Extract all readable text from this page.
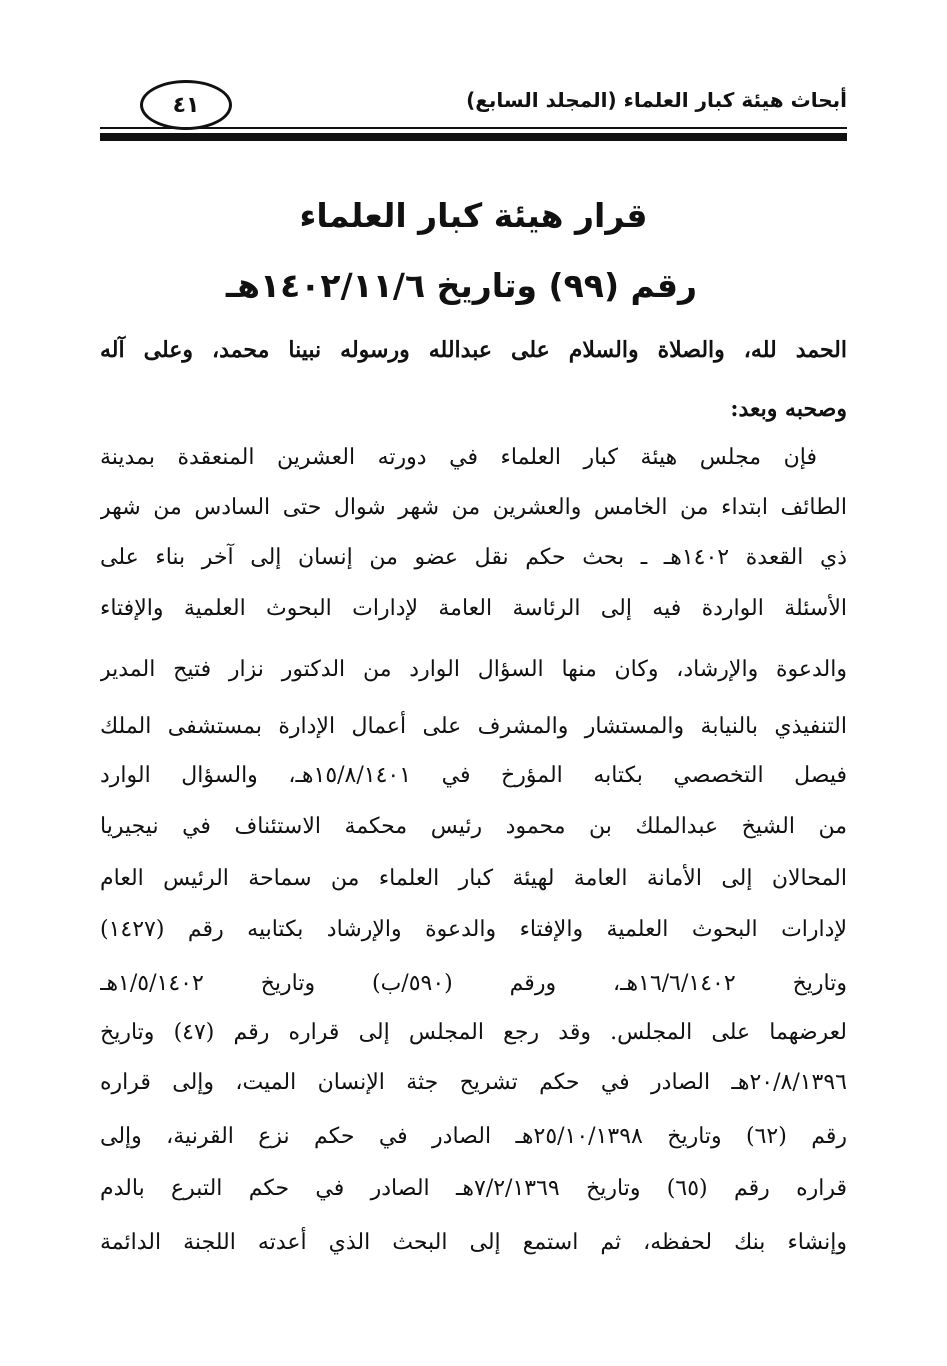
أبحاث هيئة كبار العلماء (المجلد السابع)
٤١
قرار هيئة كبار العلماء
رقم (٩٩) وتاريخ ١٤٠٢/١١/٦هـ
الحمد لله، والصلاة والسلام على عبدالله ورسوله نبينا محمد، وعلى آله
وصحبه وبعد:
فإن مجلس هيئة كبار العلماء في دورته العشرين المنعقدة بمدينة
الطائف ابتداء من الخامس والعشرين من شهر شوال حتى السادس من شهر
ذي القعدة ١٤٠٢هـ ـ بحث حكم نقل عضو من إنسان إلى آخر بناء على
الأسئلة الواردة فيه إلى الرئاسة العامة لإدارات البحوث العلمية والإفتاء
والدعوة والإرشاد، وكان منها السؤال الوارد من الدكتور نزار فتيح المدير
التنفيذي بالنيابة والمستشار والمشرف على أعمال الإدارة بمستشفى الملك
فيصل التخصصي بكتابه المؤرخ في ١٥/٨/١٤٠١هـ، والسؤال الوارد
من الشيخ عبدالملك بن محمود رئيس محكمة الاستئناف في نيجيريا
المحالان إلى الأمانة العامة لهيئة كبار العلماء من سماحة الرئيس العام
لإدارات البحوث العلمية والإفتاء والدعوة والإرشاد بكتابيه رقم (١٤٢٧)
وتاريخ ١٦/٦/١٤٠٢هـ، ورقم (٥٩٠/ب) وتاريخ ١/٥/١٤٠٢هـ
لعرضهما على المجلس. وقد رجع المجلس إلى قراره رقم (٤٧) وتاريخ
٢٠/٨/١٣٩٦هـ الصادر في حكم تشريح جثة الإنسان الميت، وإلى قراره
رقم (٦٢) وتاريخ ٢٥/١٠/١٣٩٨هـ الصادر في حكم نزع القرنية، وإلى
قراره رقم (٦٥) وتاريخ ٧/٢/١٣٦٩هـ الصادر في حكم التبرع بالدم
وإنشاء بنك لحفظه، ثم استمع إلى البحث الذي أعدته اللجنة الدائمة
